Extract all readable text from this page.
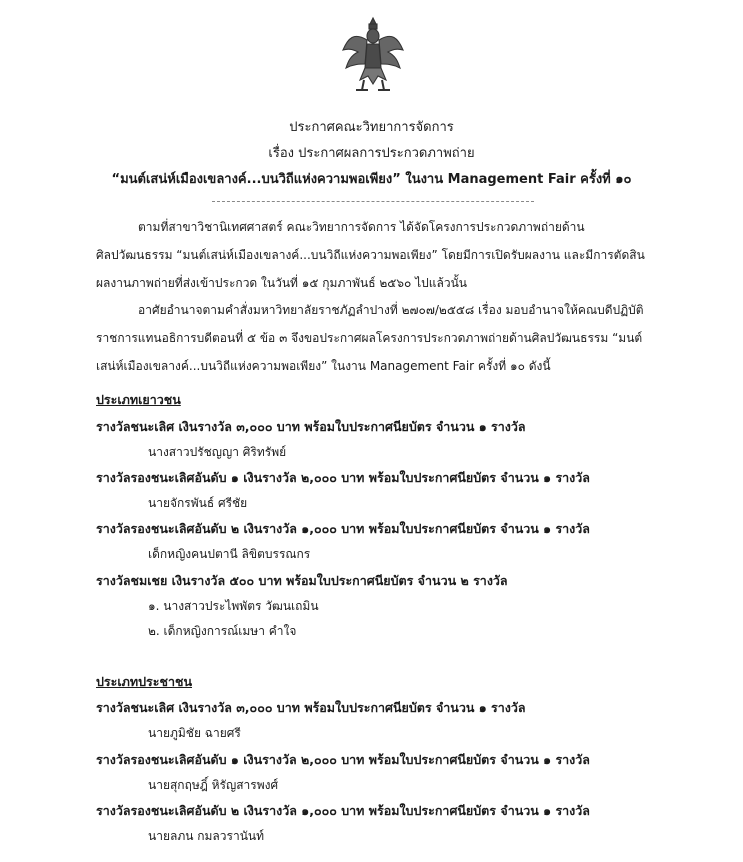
ประกาศคณะวิทยาการจัดการ
เรื่อง ประกาศผลการประกวดภาพถ่าย
“มนต์เสน่ห์เมืองเขลางค์...บนวิถีแห่งความพอเพียง” ในงาน Management Fair ครั้งที่ ๑๐
ตามที่สาขาวิชานิเทศศาสตร์ คณะวิทยาการจัดการ ได้จัดโครงการประกวดภาพถ่ายด้าน
ศิลปวัฒนธรรม “มนต์เสน่ห์เมืองเขลางค์...บนวิถีแห่งความพอเพียง” โดยมีการเปิดรับผลงาน และมีการตัดสิน
ผลงานภาพถ่ายที่ส่งเข้าประกวด ในวันที่ ๑๕ กุมภาพันธ์ ๒๕๖๐ ไปแล้วนั้น
อาศัยอำนาจตามคำสั่งมหาวิทยาลัยราชภัฏลำปางที่ ๒๗๐๗/๒๕๕๘ เรื่อง มอบอำนาจให้คณบดีปฏิบัติ
ราชการแทนอธิการบดีตอนที่ ๕ ข้อ ๓ จึงขอประกาศผลโครงการประกวดภาพถ่ายด้านศิลปวัฒนธรรม “มนต์
เสน่ห์เมืองเขลางค์...บนวิถีแห่งความพอเพียง” ในงาน Management Fair ครั้งที่ ๑๐ ดังนี้
ประเภทเยาวชน
รางวัลชนะเลิศ เงินรางวัล ๓,๐๐๐ บาท พร้อมใบประกาศนียบัตร จำนวน ๑ รางวัล
นางสาวปรัชญญา ศิริทรัพย์
รางวัลรองชนะเลิศอันดับ ๑ เงินรางวัล ๒,๐๐๐ บาท พร้อมใบประกาศนียบัตร จำนวน ๑ รางวัล
นายจักรพันธ์ ศรีชัย
รางวัลรองชนะเลิศอันดับ ๒ เงินรางวัล ๑,๐๐๐ บาท พร้อมใบประกาศนียบัตร จำนวน ๑ รางวัล
เด็กหญิงคนปตานี ลิขิตบรรณกร
รางวัลชมเชย เงินรางวัล ๕๐๐ บาท พร้อมใบประกาศนียบัตร จำนวน ๒ รางวัล
๑. นางสาวประไพพัตร วัฒนเถมิน
๒. เด็กหญิงการณ์เมษา คำใจ
ประเภทประชาชน
รางวัลชนะเลิศ เงินรางวัล ๓,๐๐๐ บาท พร้อมใบประกาศนียบัตร จำนวน ๑ รางวัล
นายภูมิชัย ฉายศรี
รางวัลรองชนะเลิศอันดับ ๑ เงินรางวัล ๒,๐๐๐ บาท พร้อมใบประกาศนียบัตร จำนวน ๑ รางวัล
นายสุกฤษฎิ์ หิรัญสารพงศ์
รางวัลรองชนะเลิศอันดับ ๒ เงินรางวัล ๑,๐๐๐ บาท พร้อมใบประกาศนียบัตร จำนวน ๑ รางวัล
นายลภน กมลวรานันท์
